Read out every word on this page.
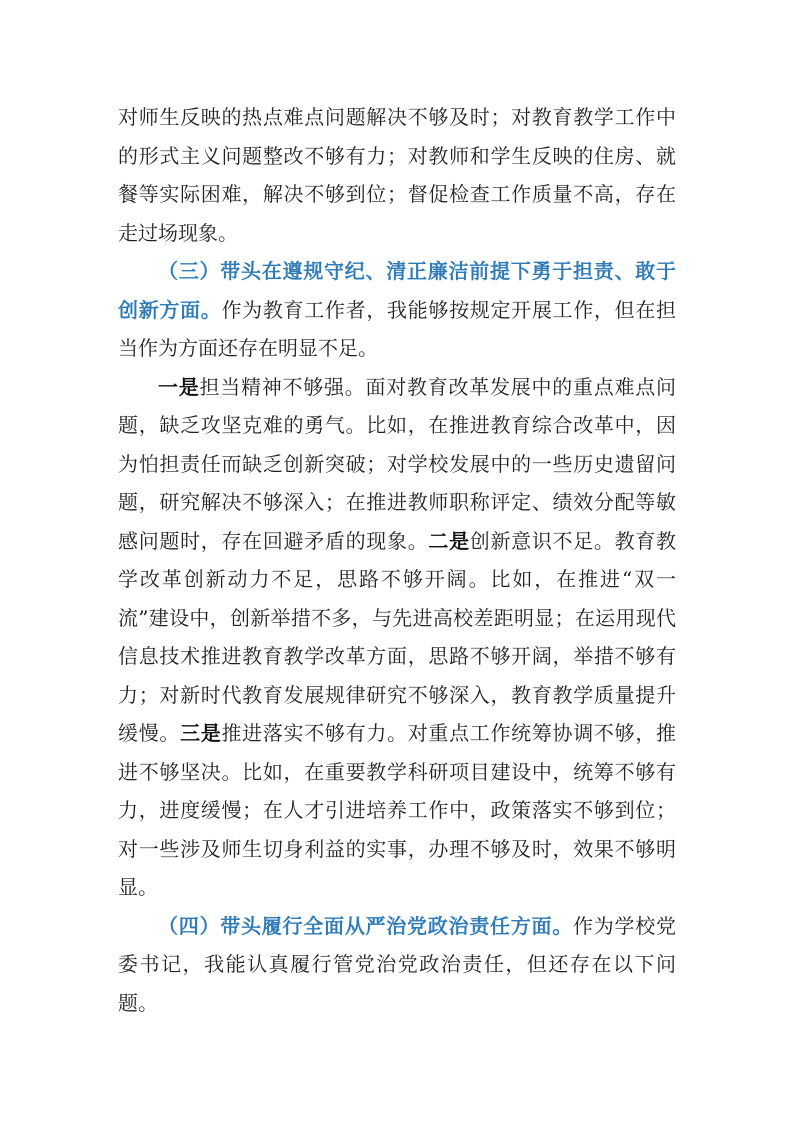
对师生反映的热点难点问题解决不够及时；对教育教学工作中的形式主义问题整改不够有力；对教师和学生反映的住房、就餐等实际困难，解决不够到位；督促检查工作质量不高，存在走过场现象。

（三）带头在遵规守纪、清正廉洁前提下勇于担责、敢于创新方面。作为教育工作者，我能够按规定开展工作，但在担当作为方面还存在明显不足。

一是担当精神不够强。面对教育改革发展中的重点难点问题，缺乏攻坚克难的勇气。比如，在推进教育综合改革中，因为怕担责任而缺乏创新突破；对学校发展中的一些历史遗留问题，研究解决不够深入；在推进教师职称评定、绩效分配等敏感问题时，存在回避矛盾的现象。二是创新意识不足。教育教学改革创新动力不足，思路不够开阔。比如，在推进“双一流”建设中，创新举措不多，与先进高校差距明显；在运用现代信息技术推进教育教学改革方面，思路不够开阔，举措不够有力；对新时代教育发展规律研究不够深入，教育教学质量提升缓慢。三是推进落实不够有力。对重点工作统筹协调不够，推进不够坚决。比如，在重要教学科研项目建设中，统筹不够有力，进度缓慢；在人才引进培养工作中，政策落实不够到位；对一些涉及师生切身利益的实事，办理不够及时，效果不够明显。

（四）带头履行全面从严治党政治责任方面。作为学校党委书记，我能认真履行管党治党政治责任，但还存在以下问题。
